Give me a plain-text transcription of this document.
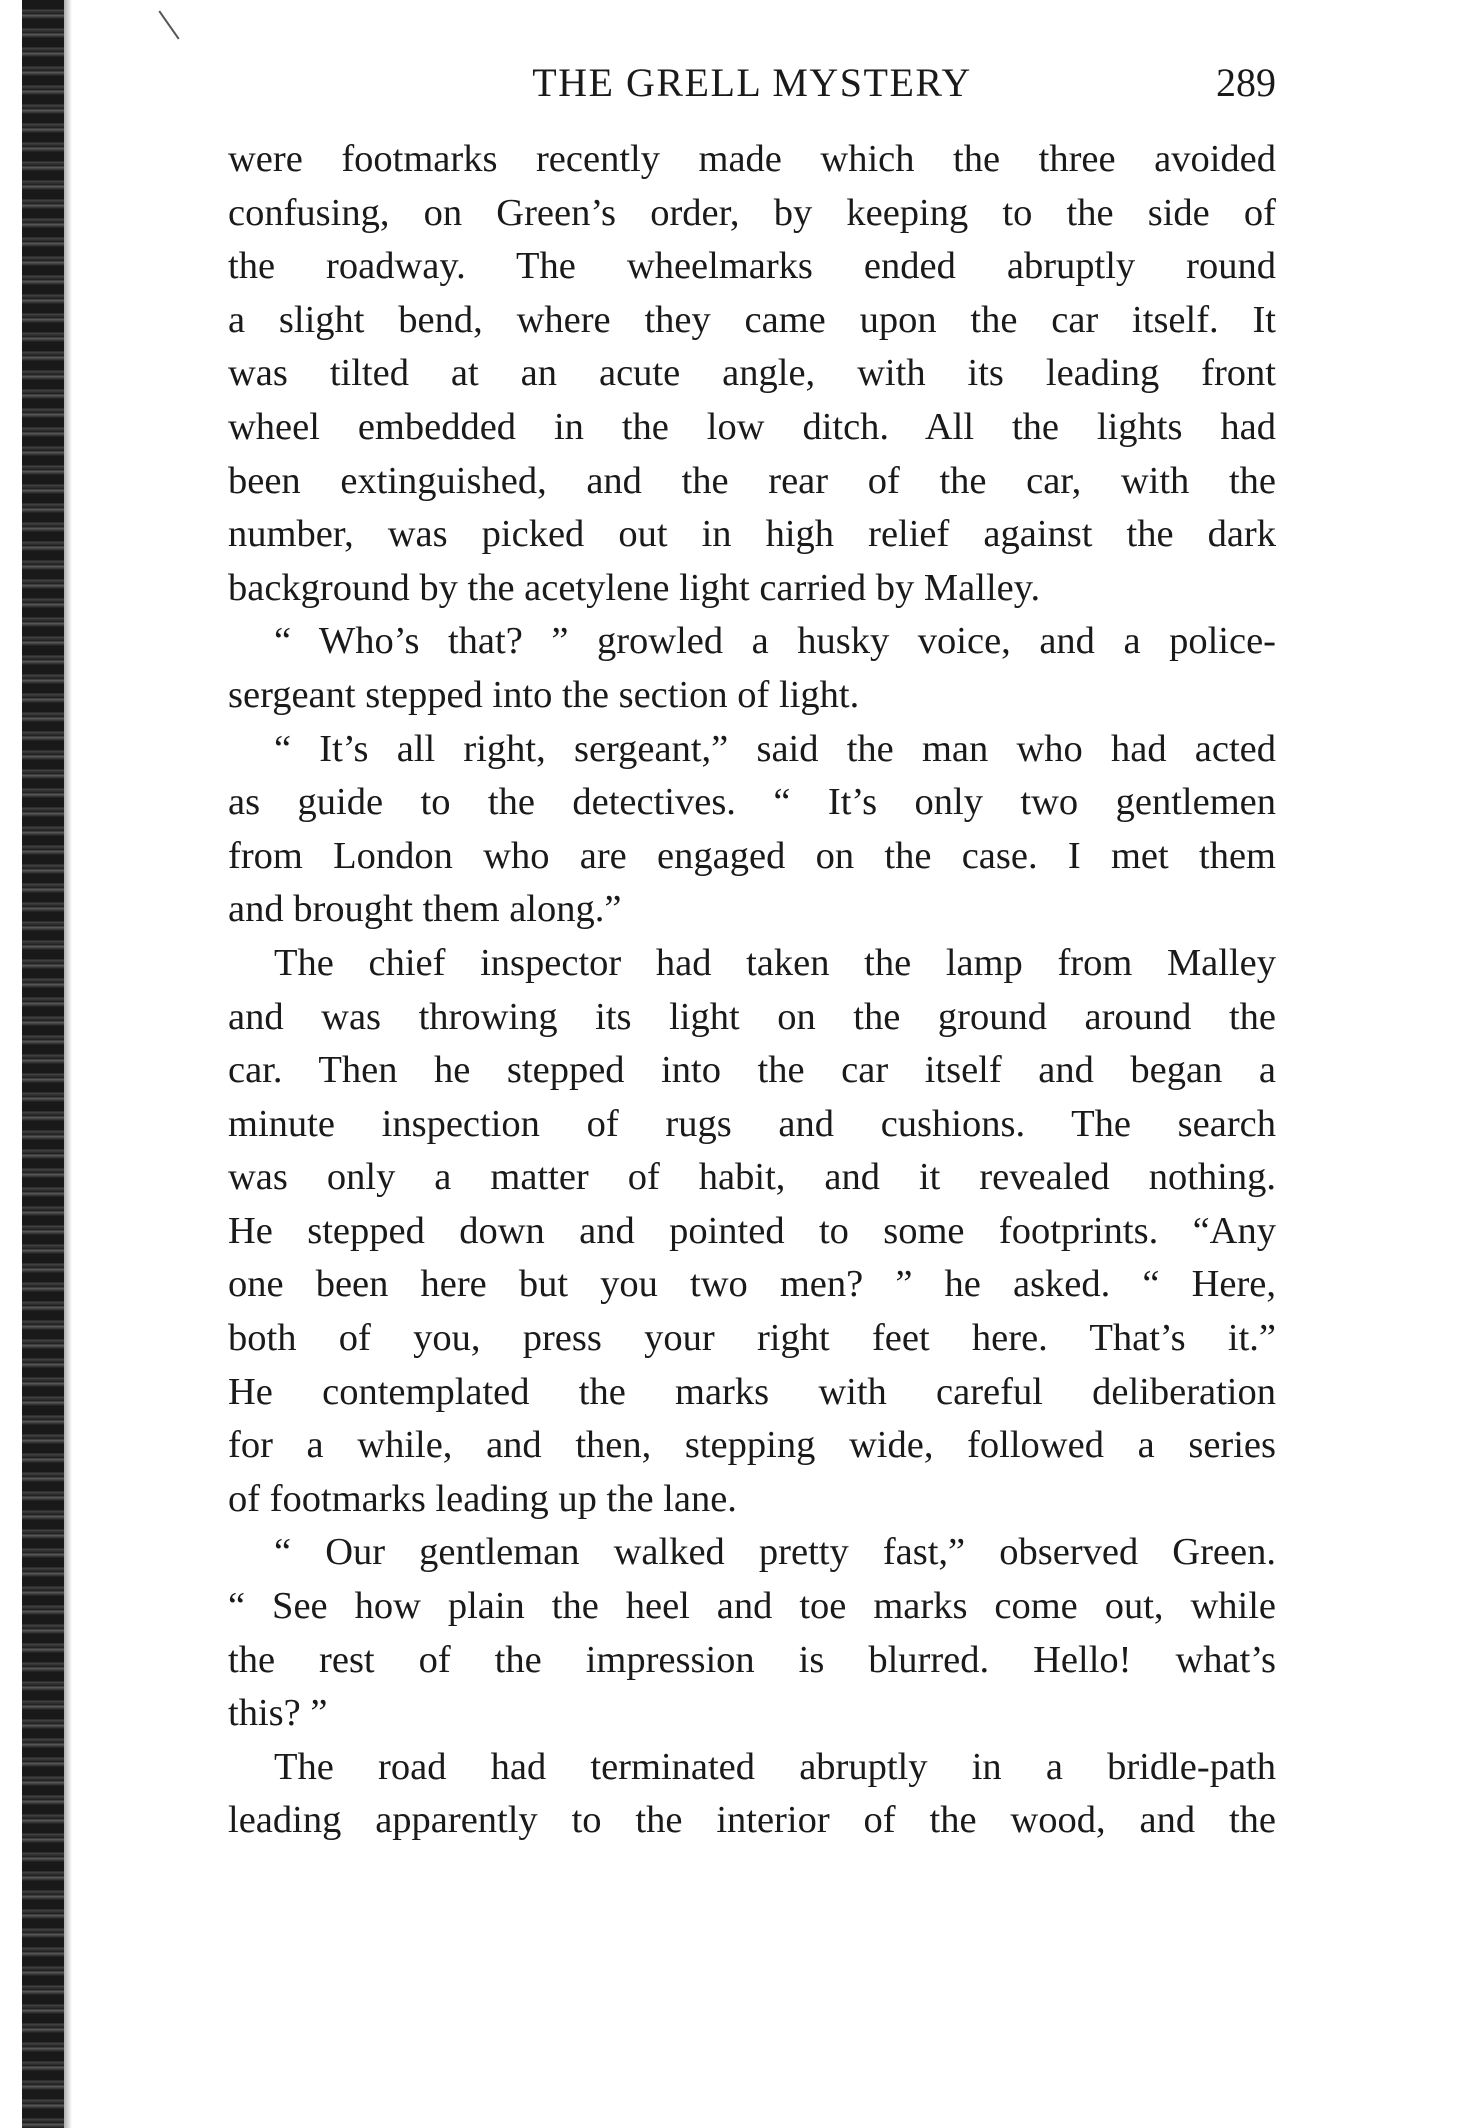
THE GRELL MYSTERY	289
were footmarks recently made which the three avoided
confusing, on Green’s order, by keeping to the side of
the roadway. The wheelmarks ended abruptly round
a slight bend, where they came upon the car itself. It
was tilted at an acute angle, with its leading front
wheel embedded in the low ditch. All the lights had
been extinguished, and the rear of the car, with the
number, was picked out in high relief against the dark
background by the acetylene light carried by Malley.
“ Who’s that? ” growled a husky voice, and a police-
sergeant stepped into the section of light.
“ It’s all right, sergeant,” said the man who had acted
as guide to the detectives. “ It’s only two gentlemen
from London who are engaged on the case. I met them
and brought them along.”
The chief inspector had taken the lamp from Malley
and was throwing its light on the ground around the
car. Then he stepped into the car itself and began a
minute inspection of rugs and cushions. The search
was only a matter of habit, and it revealed nothing.
He stepped down and pointed to some footprints. “Any
one been here but you two men? ” he asked. “ Here,
both of you, press your right feet here. That’s it.”
He contemplated the marks with careful deliberation
for a while, and then, stepping wide, followed a series
of footmarks leading up the lane.
“ Our gentleman walked pretty fast,” observed Green.
“ See how plain the heel and toe marks come out, while
the rest of the impression is blurred. Hello! what’s
this? ”
The road had terminated abruptly in a bridle-path
leading apparently to the interior of the wood, and the
